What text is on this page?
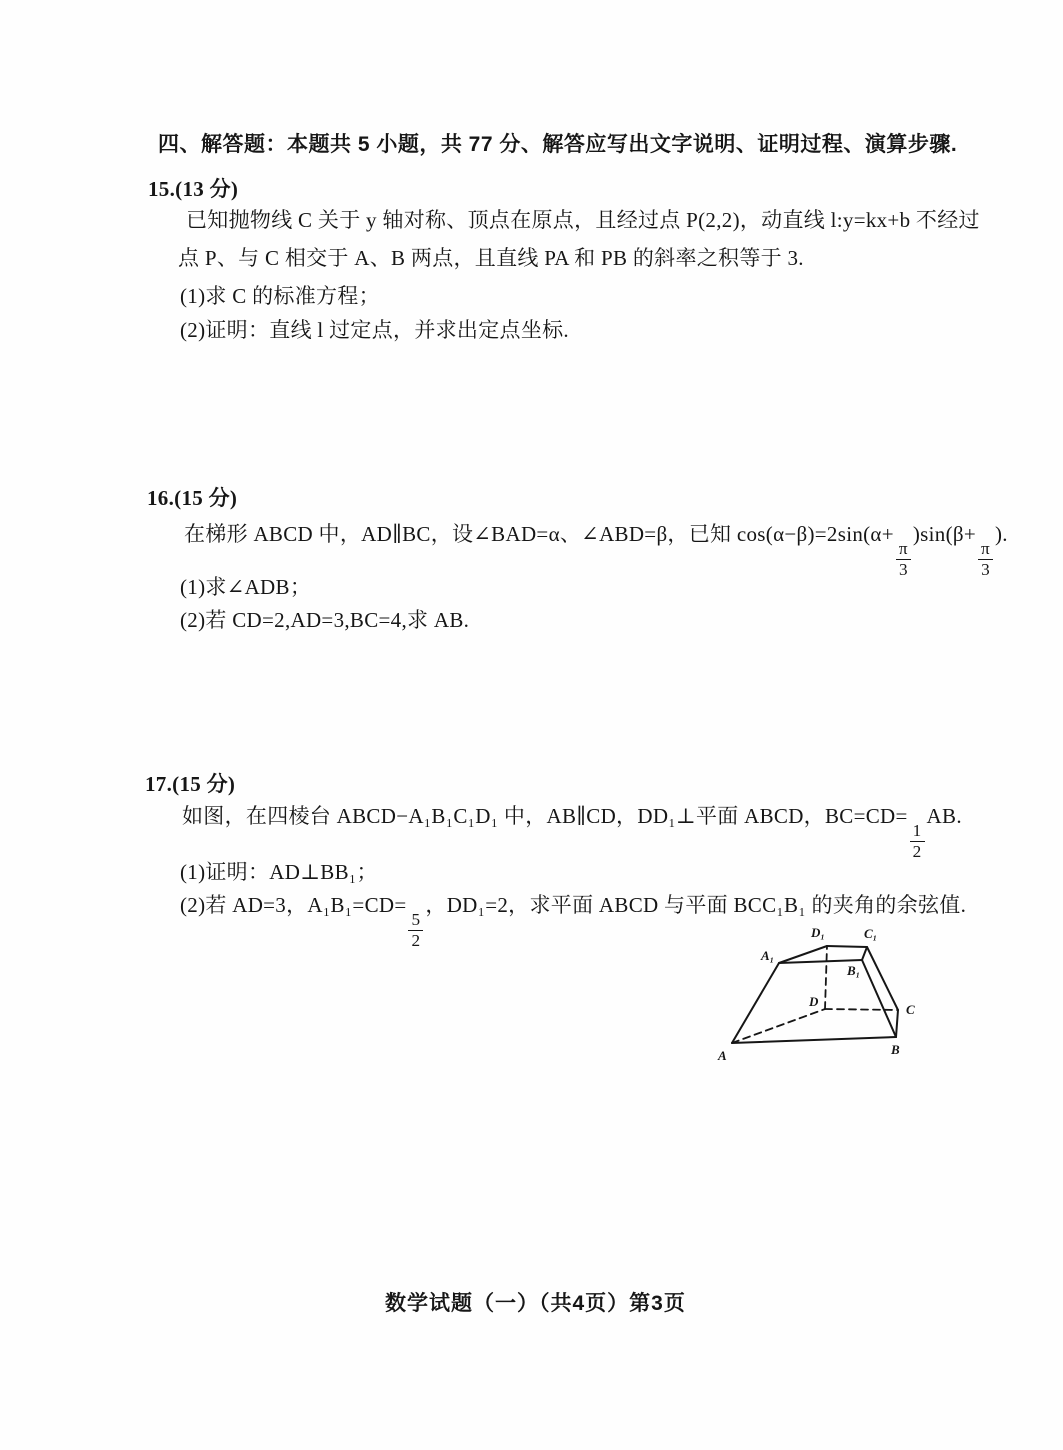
四、解答题：本题共 5 小题，共 77 分、解答应写出文字说明、证明过程、演算步骤.
15.(13 分)
已知抛物线 C 关于 y 轴对称、顶点在原点，且经过点 P(2,2)，动直线 l:y=kx+b 不经过
点 P、与 C 相交于 A、B 两点，且直线 PA 和 PB 的斜率之积等于 3.
(1)求 C 的标准方程；
(2)证明：直线 l 过定点，并求出定点坐标.
16.(15 分)
在梯形 ABCD 中，AD∥BC，设∠BAD=α、∠ABD=β，已知 cos(α−β)=2sin(α+
$\frac{\pi}{3}$
)sin(β+
$\frac{\pi}{3}$
).
(1)求∠ADB；
(2)若 CD=2,AD=3,BC=4,求 AB.
17.(15 分)
如图，在四棱台 ABCD−A₁B₁C₁D₁ 中，AB∥CD，DD₁⊥平面 ABCD，BC=CD=
$\frac{1}{2}$
AB.
(1)证明：AD⊥BB₁；
(2)若 AD=3，A₁B₁=CD=
$\frac{5}{2}$
，DD₁=2，求平面 ABCD 与平面 BCC₁B₁ 的夹角的余弦值.
A	B
C
D
A₁
B₁
C₁
D₁
数学试题（一）（共4页）第3页
